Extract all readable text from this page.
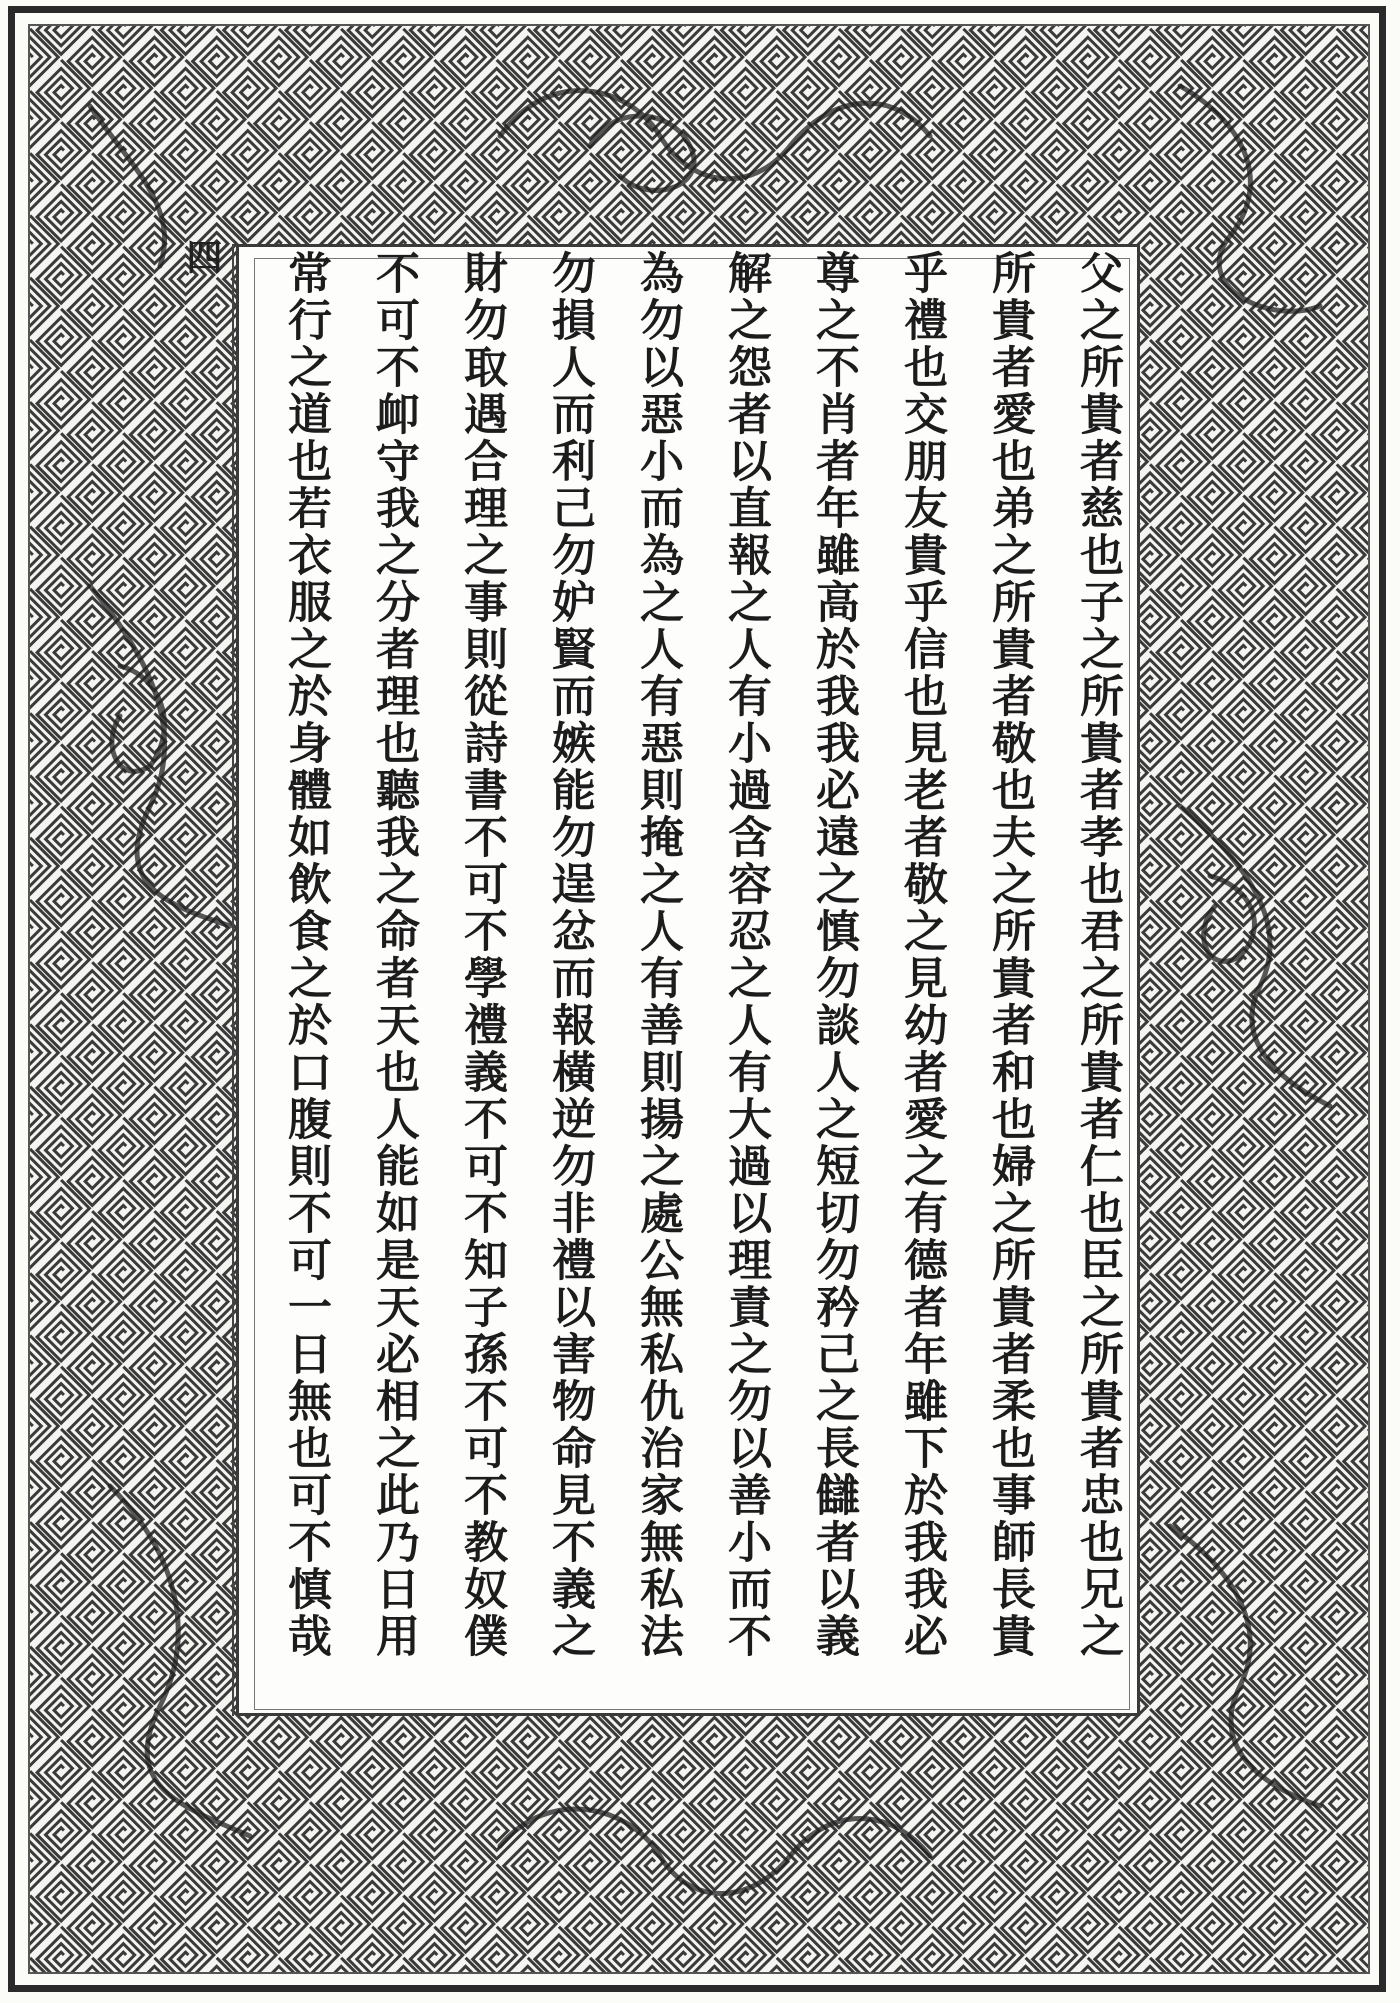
四	父之所貴者慈也子之所貴者孝也君之所貴者仁也臣之所貴者忠也兄之
所貴者愛也弟之所貴者敬也夫之所貴者和也婦之所貴者柔也事師長貴
乎禮也交朋友貴乎信也見老者敬之見幼者愛之有德者年雖下於我我必
尊之不肖者年雖高於我我必遠之慎勿談人之短切勿矜己之長讎者以義
解之怨者以直報之人有小過含容忍之人有大過以理責之勿以善小而不
為勿以惡小而為之人有惡則掩之人有善則揚之處公無私仇治家無私法
勿損人而利己勿妒賢而嫉能勿逞忿而報橫逆勿非禮以害物命見不義之
財勿取遇合理之事則從詩書不可不學禮義不可不知子孫不可不教奴僕
不可不卹守我之分者理也聽我之命者天也人能如是天必相之此乃日用
常行之道也若衣服之於身體如飲食之於口腹則不可一日無也可不慎哉
